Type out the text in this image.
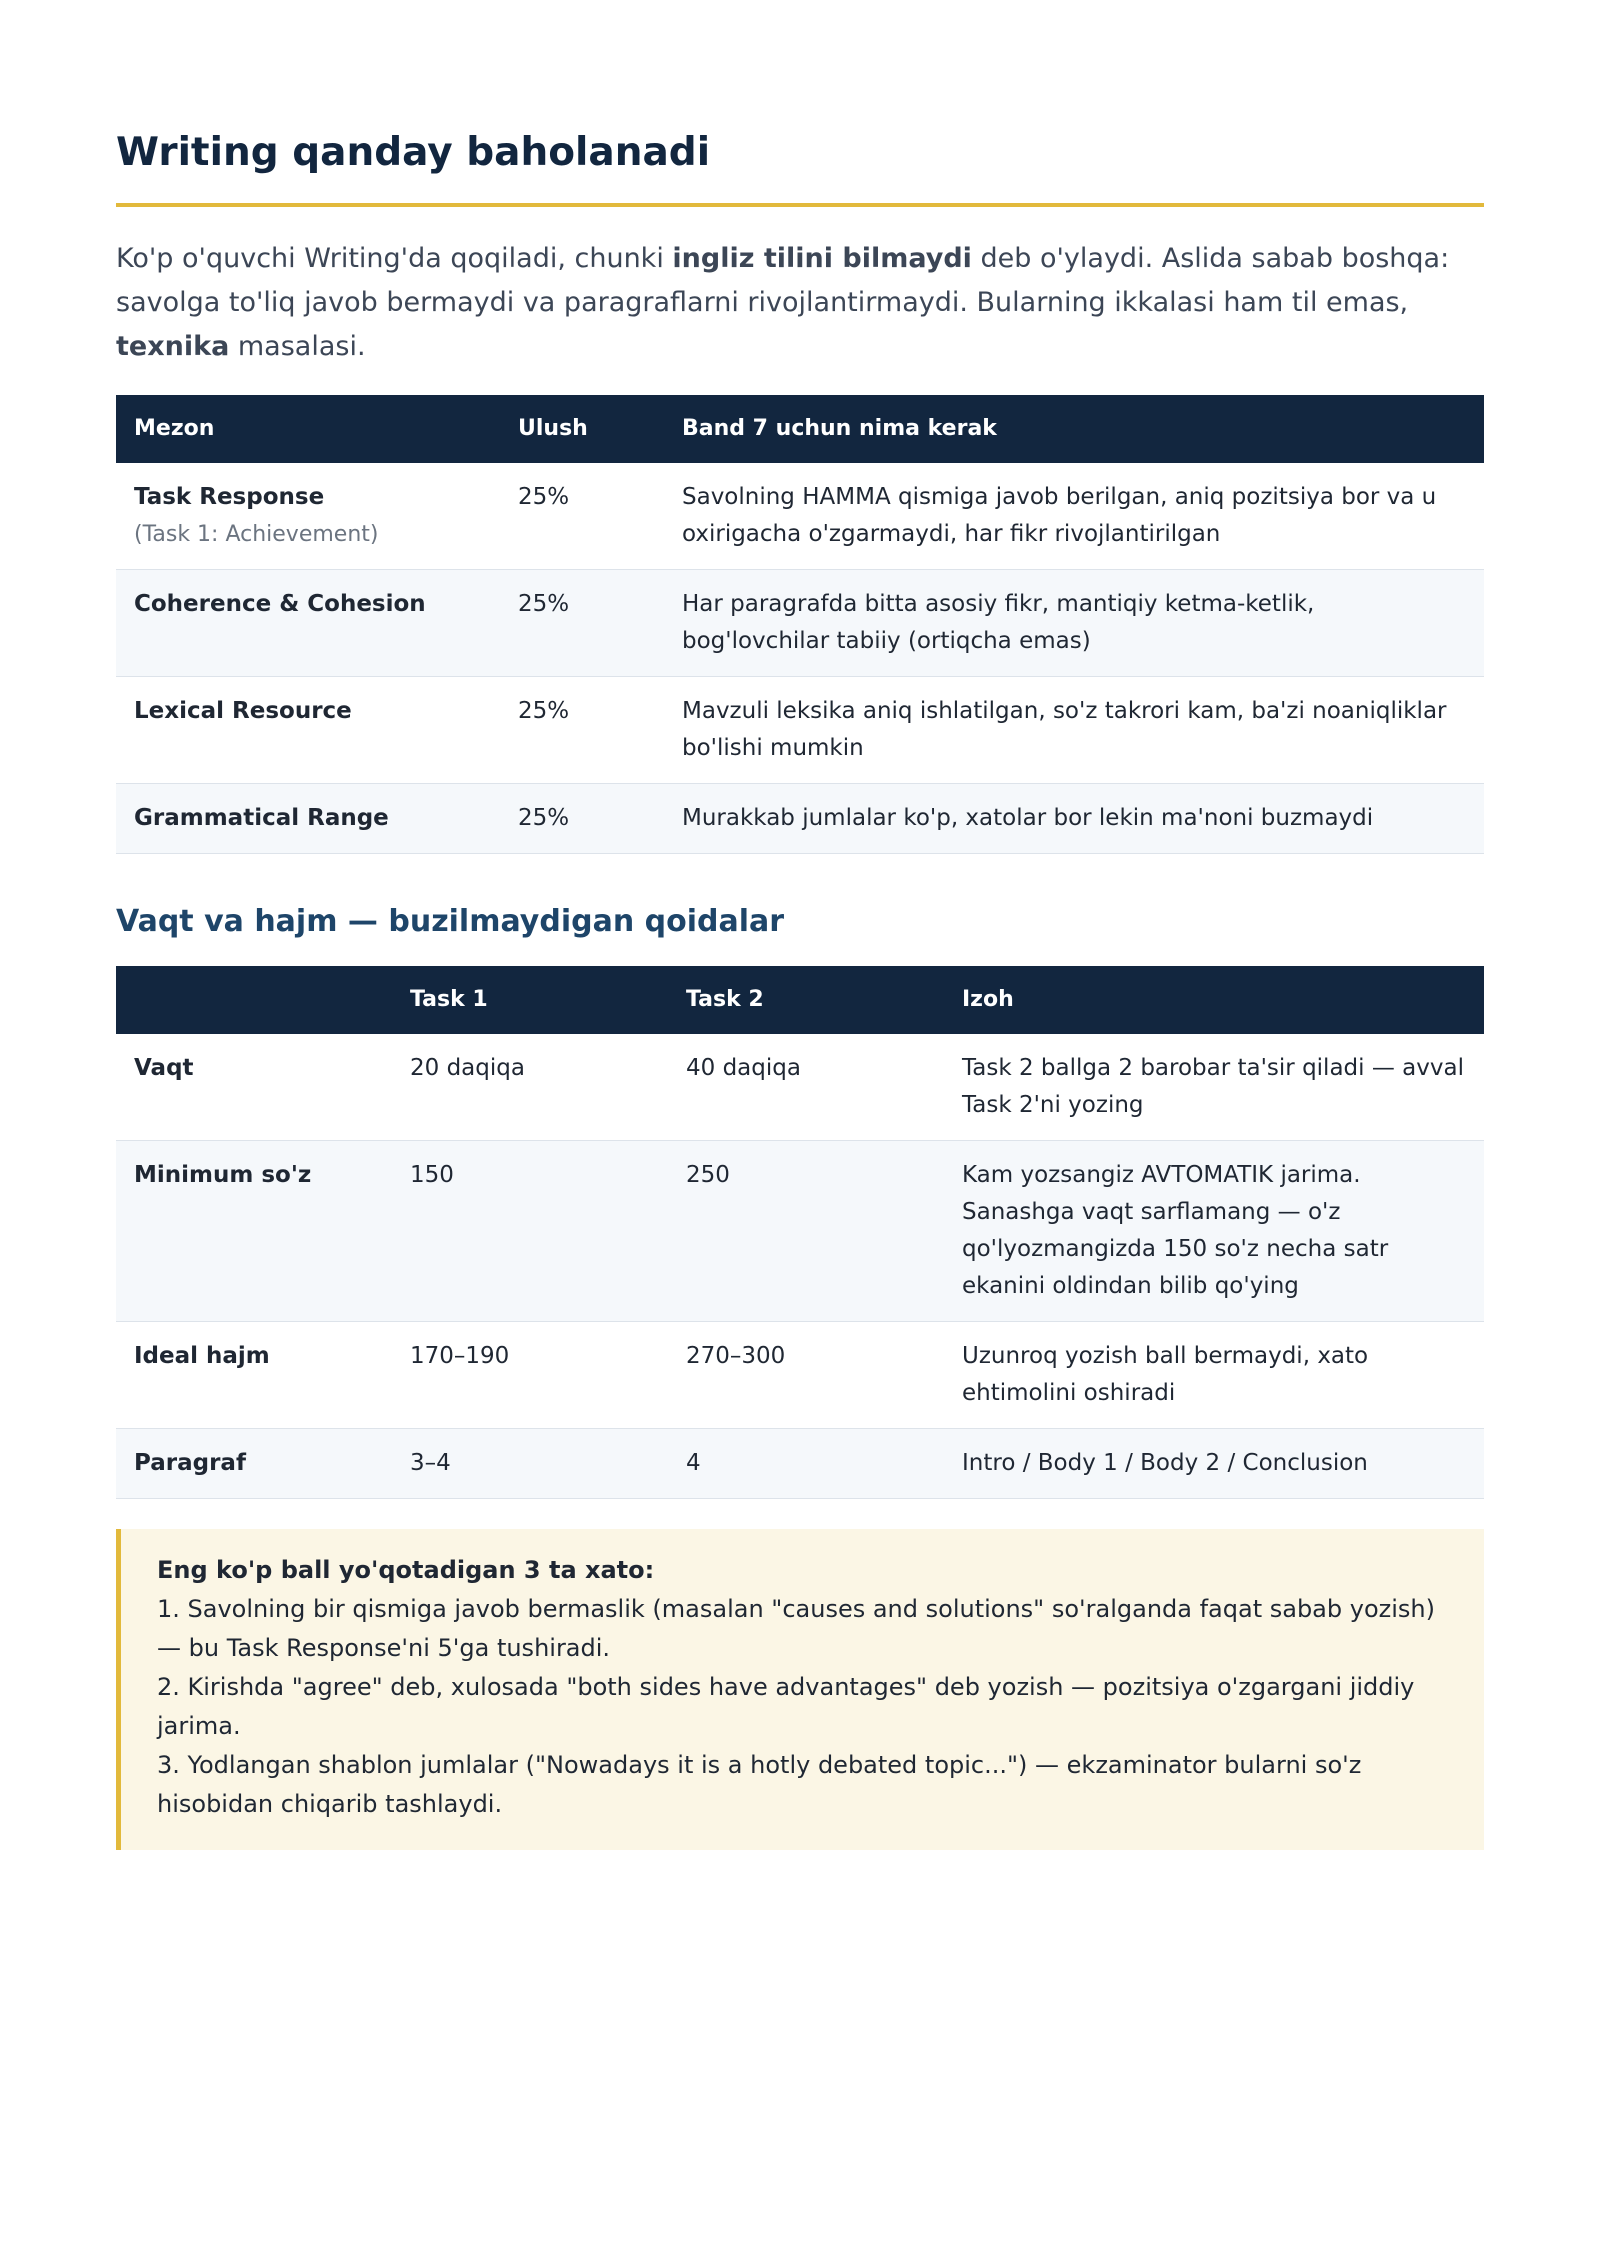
Writing qanday baholanadi

Ko'p o'quvchi Writing'da qoqiladi, chunki ingliz tilini bilmaydi deb o'ylaydi. Aslida sabab boshqa: savolga to'liq javob bermaydi va paragraflarni rivojlantirmaydi. Bularning ikkalasi ham til emas, texnika masalasi.

Mezon	Ulush	Band 7 uchun nima kerak
Task Response
(Task 1: Achievement)	25%	Savolning HAMMA qismiga javob berilgan, aniq pozitsiya bor va u oxirigacha o'zgarmaydi, har fikr rivojlantirilgan
Coherence & Cohesion	25%	Har paragrafda bitta asosiy fikr, mantiqiy ketma-ketlik, bog'lovchilar tabiiy (ortiqcha emas)
Lexical Resource	25%	Mavzuli leksika aniq ishlatilgan, so'z takrori kam, ba'zi noaniqliklar bo'lishi mumkin
Grammatical Range	25%	Murakkab jumlalar ko'p, xatolar bor lekin ma'noni buzmaydi
Vaqt va hajm — buzilmaydigan qoidalar
	Task 1	Task 2	Izoh
Vaqt	20 daqiqa	40 daqiqa	Task 2 ballga 2 barobar ta'sir qiladi — avval Task 2'ni yozing
Minimum so'z	150	250	Kam yozsangiz AVTOMATIK jarima. Sanashga vaqt sarflamang — o'z qo'lyozmangizda 150 so'z necha satr ekanini oldindan bilib qo'ying
Ideal hajm	170–190	270–300	Uzunroq yozish ball bermaydi, xato ehtimolini oshiradi
Paragraf	3–4	4	Intro / Body 1 / Body 2 / Conclusion
Eng ko'p ball yo'qotadigan 3 ta xato:
1. Savolning bir qismiga javob bermaslik (masalan "causes and solutions" so'ralganda faqat sabab yozish) — bu Task Response'ni 5'ga tushiradi.
2. Kirishda "agree" deb, xulosada "both sides have advantages" deb yozish — pozitsiya o'zgargani jiddiy jarima.
3. Yodlangan shablon jumlalar ("Nowadays it is a hotly debated topic...") — ekzaminator bularni so'z hisobidan chiqarib tashlaydi.
